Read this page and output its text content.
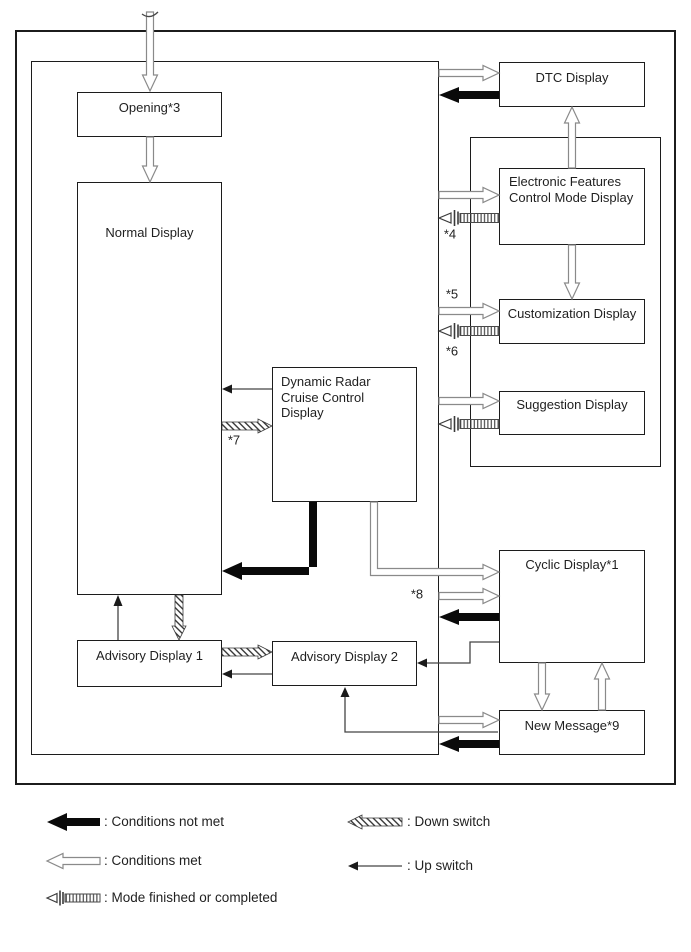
Opening*3
Normal Display
Dynamic Radar Cruise Control Display
DTC Display
Electronic Features Control Mode Display
Customization Display
Suggestion Display
Cyclic Display*1
Advisory Display 1	Advisory Display 2
New Message*9
*4
*5
*6
*7
*8
: Conditions not met
: Conditions met
: Mode finished or completed
: Down switch
: Up switch
